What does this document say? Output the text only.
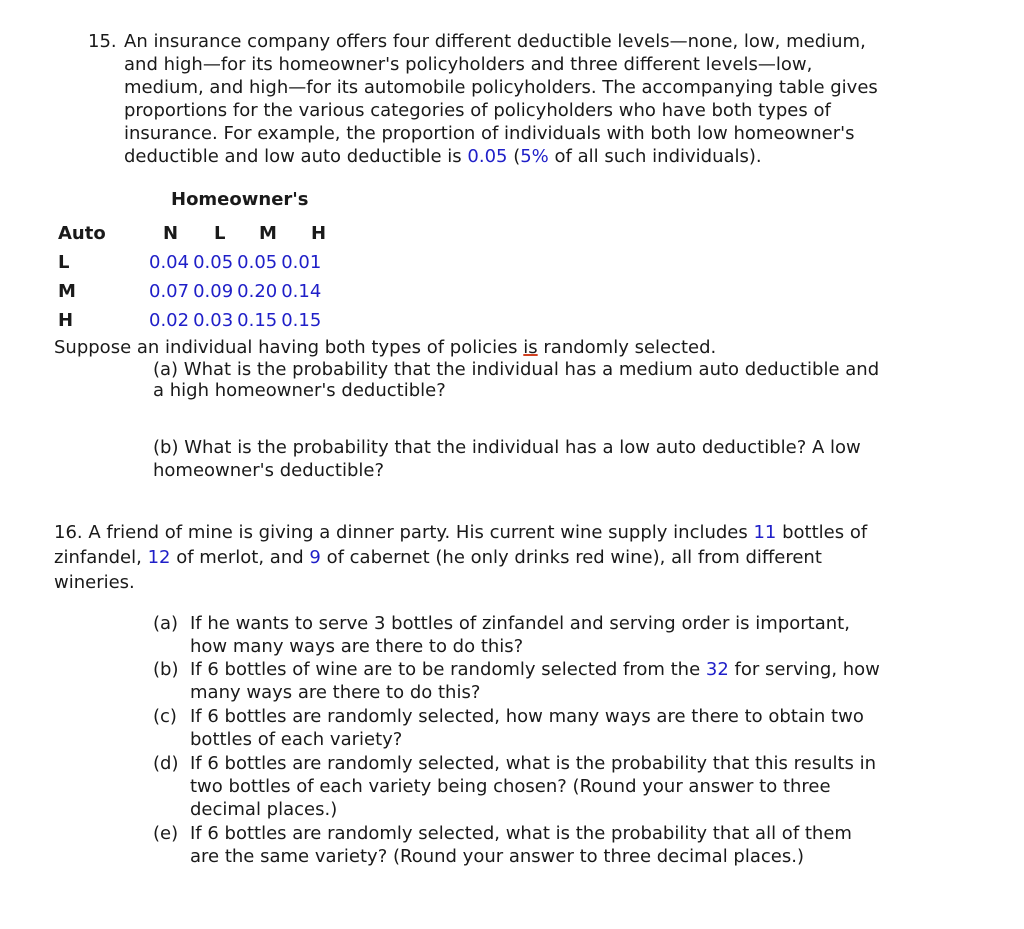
15. An insurance company offers four different deductible levels—none, low, medium,
and high—for its homeowner's policyholders and three different levels—low,
medium, and high—for its automobile policyholders. The accompanying table gives
proportions for the various categories of policyholders who have both types of
insurance. For example, the proportion of individuals with both low homeowner's
deductible and low auto deductible is 0.05 (5% of all such individuals).
Homeowner's
Auto	N L M H
L	0.04 0.05 0.05 0.01
M	0.07 0.09 0.20 0.14
H	0.02 0.03 0.15 0.15
Suppose an individual having both types of policies is randomly selected.
(a) What is the probability that the individual has a medium auto deductible and
a high homeowner's deductible?
(b) What is the probability that the individual has a low auto deductible? A low
homeowner's deductible?
16. A friend of mine is giving a dinner party. His current wine supply includes 11 bottles of
zinfandel, 12 of merlot, and 9 of cabernet (he only drinks red wine), all from different
wineries.
(a) If he wants to serve 3 bottles of zinfandel and serving order is important,
how many ways are there to do this?
(b) If 6 bottles of wine are to be randomly selected from the 32 for serving, how
many ways are there to do this?
(c) If 6 bottles are randomly selected, how many ways are there to obtain two
bottles of each variety?
(d) If 6 bottles are randomly selected, what is the probability that this results in
two bottles of each variety being chosen? (Round your answer to three
decimal places.)
(e) If 6 bottles are randomly selected, what is the probability that all of them
are the same variety? (Round your answer to three decimal places.)
